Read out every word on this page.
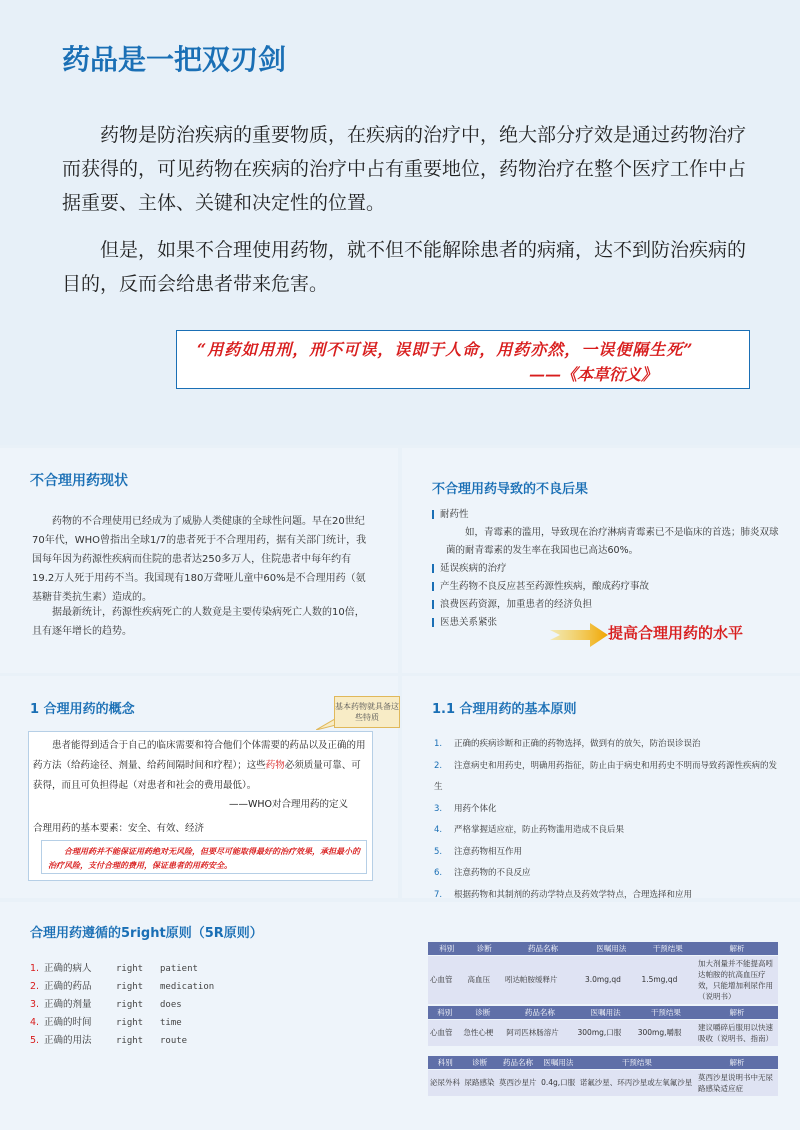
药品是一把双刃剑

药物是防治疾病的重要物质，在疾病的治疗中，绝大部分疗效是通过药物治疗而获得的，可见药物在疾病的治疗中占有重要地位，药物治疗在整个医疗工作中占据重要、主体、关键和决定性的位置。

但是，如果不合理使用药物，就不但不能解除患者的病痛，达不到防治疾病的目的，反而会给患者带来危害。

“用药如用刑，刑不可误，误即于人命，用药亦然，一误便隔生死”
——《本草衍义》
不合理用药现状

药物的不合理使用已经成为了威胁人类健康的全球性问题。早在20世纪70年代，WHO曾指出全球1/7的患者死于不合理用药，据有关部门统计，我国每年因为药源性疾病而住院的患者达250多万人，住院患者中每年约有19.2万人死于用药不当。我国现有180万聋哑儿童中60%是不合理用药（氨基糖苷类抗生素）造成的。

据最新统计，药源性疾病死亡的人数竟是主要传染病死亡人数的10倍，且有逐年增长的趋势。

不合理用药导致的不良后果
耐药性
如，青霉素的滥用，导致现在治疗淋病青霉素已不是临床的首选；肺炎双球菌的耐青霉素的发生率在我国也已高达60%。
延误疾病的治疗
产生药物不良反应甚至药源性疾病，酿成药疗事故
浪费医药资源，加重患者的经济负担
医患关系紧张
提高合理用药的水平
1 合理用药的概念	基本药物就具备这些特质

患者能得到适合于自己的临床需要和符合他们个体需要的药品以及正确的用药方法（给药途径、剂量、给药间隔时间和疗程）；这些药物必须质量可靠、可获得，而且可负担得起（对患者和社会的费用最低）。

——WHO对合理用药的定义
合理用药的基本要素：安全、有效、经济
合理用药并不能保证用药绝对无风险，但要尽可能取得最好的治疗效果，承担最小的治疗风险，支付合理的费用，保证患者的用药安全。
1.1 合理用药的基本原则
1. 正确的疾病诊断和正确的药物选择，做到有的放矢，防治误诊误治
2. 注意病史和用药史，明确用药指征，防止由于病史和用药史不明而导致药源性疾病的发生
3. 用药个体化
4. 严格掌握适应症，防止药物滥用造成不良后果
5. 注意药物相互作用
6. 注意药物的不良反应
7. 根据药物和其制剂的药动学特点及药效学特点，合理选择和应用
合理用药遵循的5right原则（5R原则）
1. 正确的病人	right patient
2. 正确的药品	right medication
3. 正确的剂量	right does
4. 正确的时间	right time
5. 正确的用法	right route
科别	诊断	药品名称	医嘱用法	干预结果	解析
心血管	高血压	吲达帕胺缓释片	3.0mg,qd	1.5mg,qd	加大剂量并不能提高吲达帕胺的抗高血压疗效，只能增加利尿作用（说明书）
科别	诊断	药品名称	医嘱用法	干预结果	解析
心血管	急性心梗	阿司匹林肠溶片	300mg,口服	300mg,嚼服	建议嚼碎后服用以快速吸收（说明书、指南）
科别	诊断	药品名称	医嘱用法	干预结果	解析
泌尿外科	尿路感染	莫西沙星片	0.4g,口服	诺氟沙星、环丙沙星或左氧氟沙星	莫西沙星说明书中无尿路感染适应症
